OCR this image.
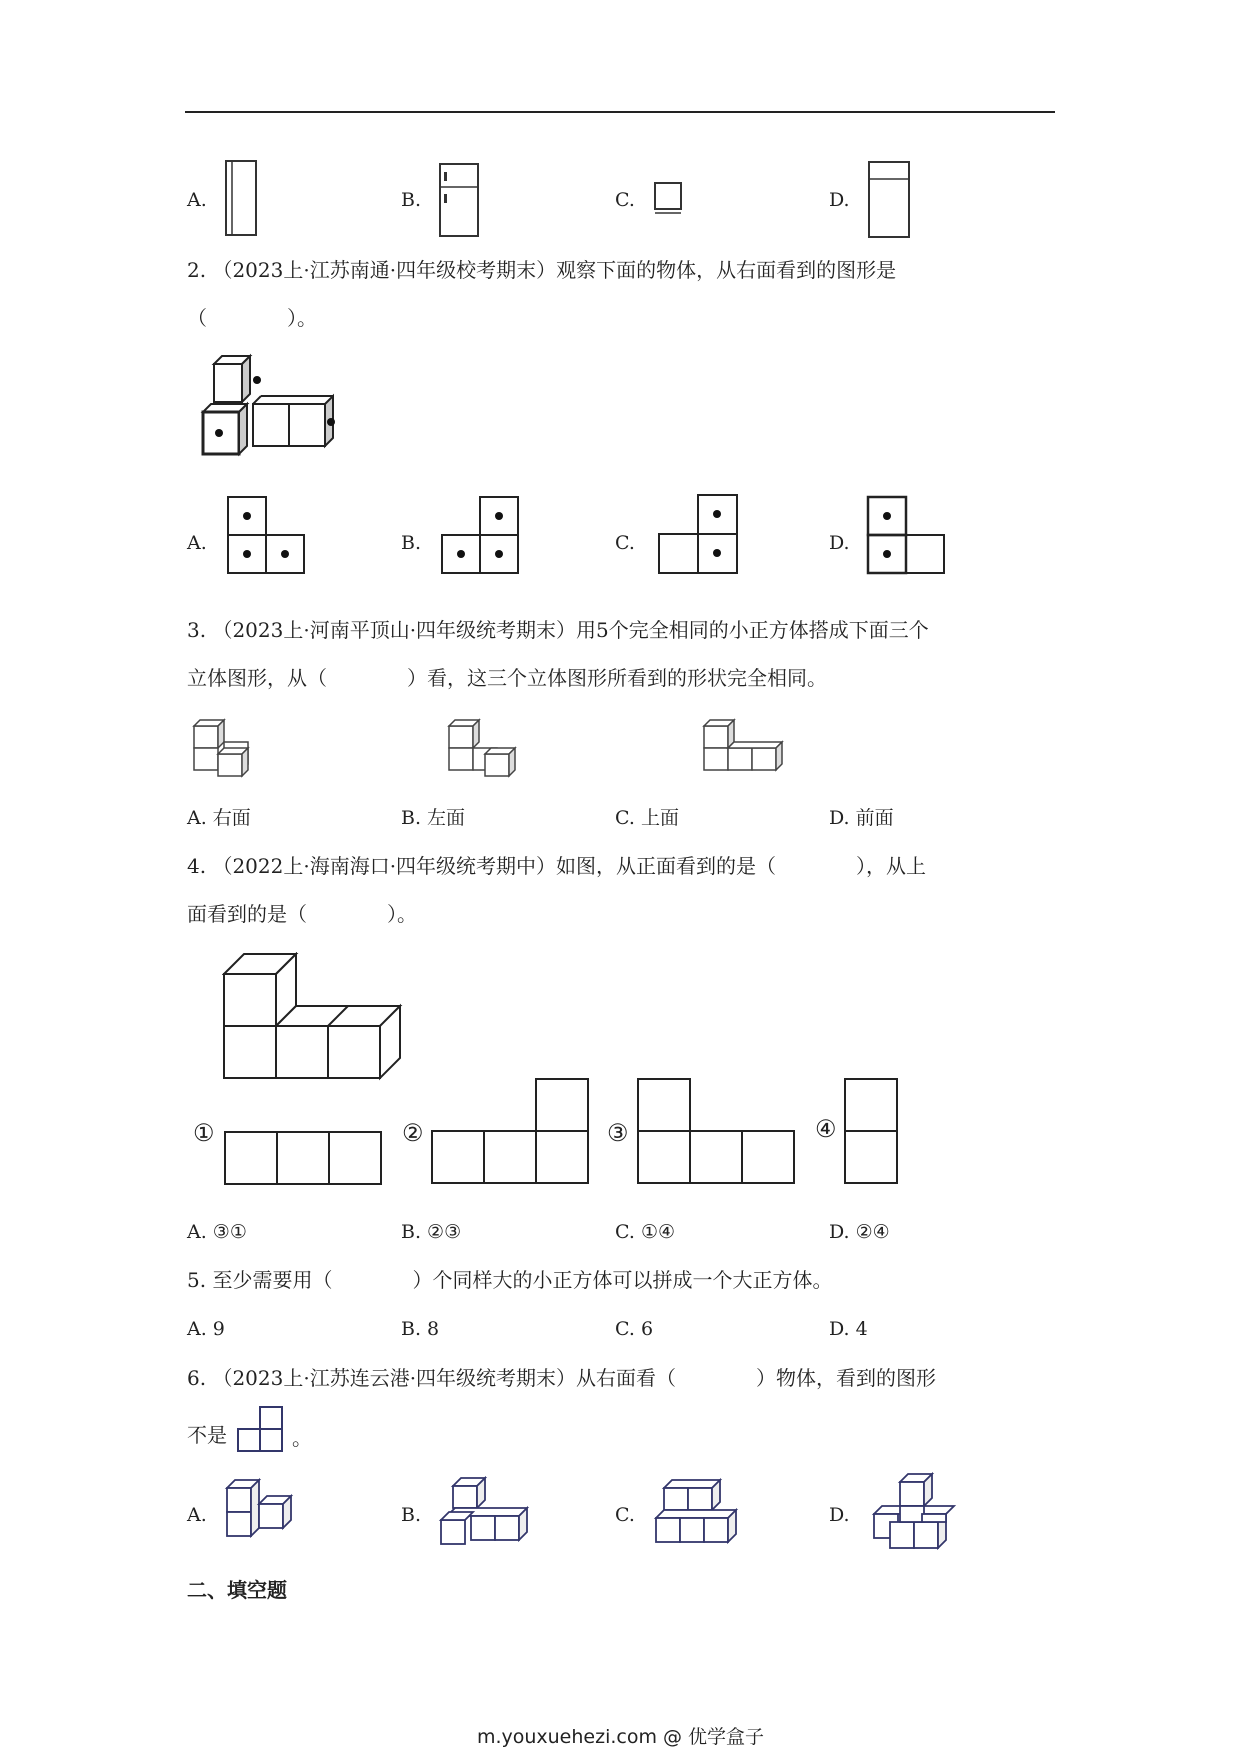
A.	B.	C.	D.
2. （2023上·江苏南通·四年级校考期末）观察下面的物体，从右面看到的图形是
（　　　　）。
A.	B.	C.	D.
3. （2023上·河南平顶山·四年级统考期末）用5个完全相同的小正方体搭成下面三个
立体图形，从（　　　　）看，这三个立体图形所看到的形状完全相同。
A. 右面	B. 左面	C. 上面	D. 前面
4. （2022上·海南海口·四年级统考期中）如图，从正面看到的是（　　　　），从上
面看到的是（　　　　）。
①	②	③	④
A. ③①	B. ②③	C. ①④	D. ②④
5. 至少需要用（　　　　）个同样大的小正方体可以拼成一个大正方体。
A. 9	B. 8	C. 6	D. 4
6. （2023上·江苏连云港·四年级统考期末）从右面看（　　　　）物体，看到的图形
不是	。
A.	B.	C.	D.
二、填空题
m.youxuehezi.com @ 优学盒子
